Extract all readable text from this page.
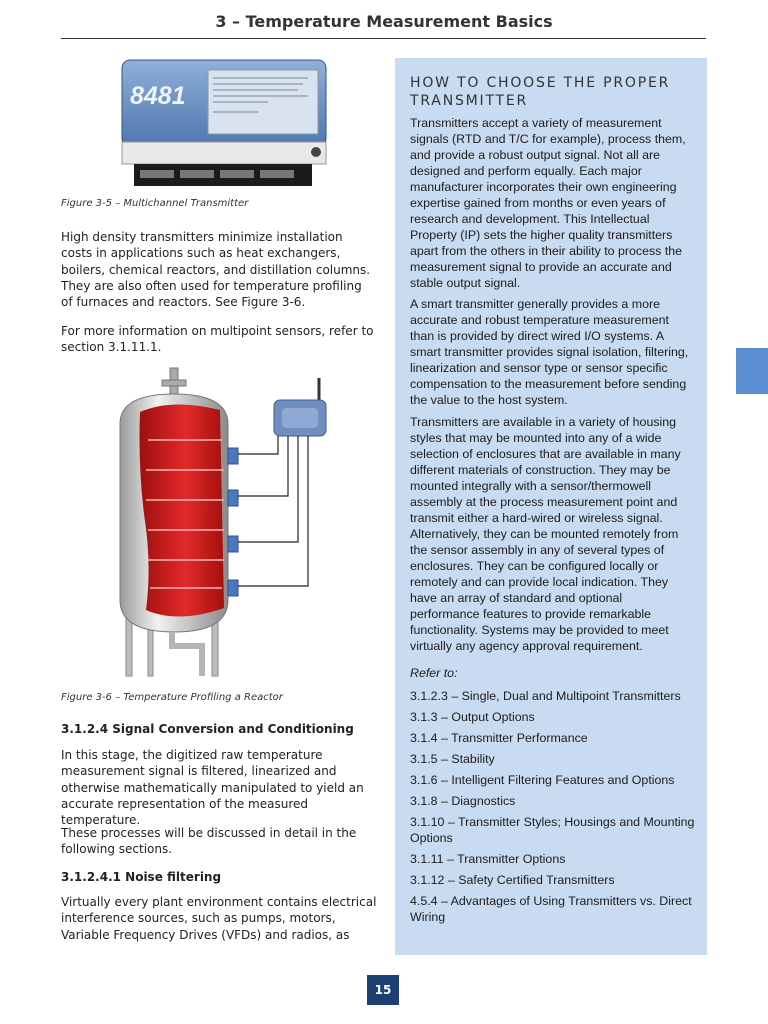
3 – Temperature Measurement Basics
8481
Figure 3-5 – Multichannel Transmitter

High density transmitters minimize installation costs in applications such as heat exchangers, boilers, chemical reactors, and distillation columns. They are also often used for temperature profiling of furnaces and reactors. See Figure 3-6.

For more information on multipoint sensors, refer to section 3.1.11.1.

Figure 3-6 – Temperature Profiling a Reactor
3.1.2.4 Signal Conversion and Conditioning

In this stage, the digitized raw temperature measurement signal is filtered, linearized and otherwise mathematically manipulated to yield an accurate representation of the measured temperature.

These processes will be discussed in detail in the following sections.

3.1.2.4.1 Noise filtering

Virtually every plant environment contains electrical interference sources, such as pumps, motors, Variable Frequency Drives (VFDs) and radios, as

HOW TO CHOOSE THE PROPER TRANSMITTER

Transmitters accept a variety of measurement signals (RTD and T/C for example), process them, and provide a robust output signal. Not all are designed and perform equally. Each major manufacturer incorporates their own engineering expertise gained from months or even years of research and development. This Intellectual Property (IP) sets the higher quality transmitters apart from the others in their ability to process the measurement signal to provide an accurate and stable output signal.

A smart transmitter generally provides a more accurate and robust temperature measurement than is provided by direct wired I/O systems. A smart transmitter provides signal isolation, filtering, linearization and sensor type or sensor specific compensation to the measurement before sending the value to the host system.

Transmitters are available in a variety of housing styles that may be mounted into any of a wide selection of enclosures that are available in many different materials of construction. They may be mounted integrally with a sensor/thermowell assembly at the process measurement point and transmit either a hard-wired or wireless signal. Alternatively, they can be mounted remotely from the sensor assembly in any of several types of enclosures. They can be configured locally or remotely and can provide local indication. They have an array of standard and optional performance features to provide remarkable functionality. Systems may be provided to meet virtually any agency approval requirement.

Refer to:
3.1.2.3 – Single, Dual and Multipoint Transmitters
3.1.3 – Output Options
3.1.4 – Transmitter Performance
3.1.5 – Stability
3.1.6 – Intelligent Filtering Features and Options
3.1.8 – Diagnostics
3.1.10 – Transmitter Styles; Housings and Mounting Options
3.1.11 – Transmitter Options
3.1.12 – Safety Certified Transmitters
4.5.4 – Advantages of Using Transmitters vs. Direct Wiring
15
